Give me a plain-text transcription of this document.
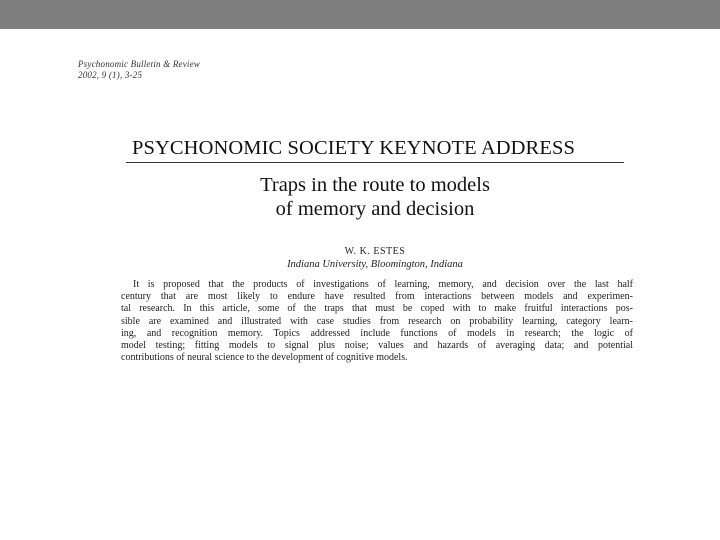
Psychonomic Bulletin & Review
2002, 9 (1), 3-25
PSYCHONOMIC SOCIETY KEYNOTE ADDRESS
Traps in the route to models
of memory and decision
W. K. ESTES
Indiana University, Bloomington, Indiana
It is proposed that the products of investigations of learning, memory, and decision over the last half
century that are most likely to endure have resulted from interactions between models and experimen-
tal research. In this article, some of the traps that must be coped with to make fruitful interactions pos-
sible are examined and illustrated with case studies from research on probability learning, category learn-
ing, and recognition memory. Topics addressed include functions of models in research; the logic of
model testing; fitting models to signal plus noise; values and hazards of averaging data; and potential
contributions of neural science to the development of cognitive models.
